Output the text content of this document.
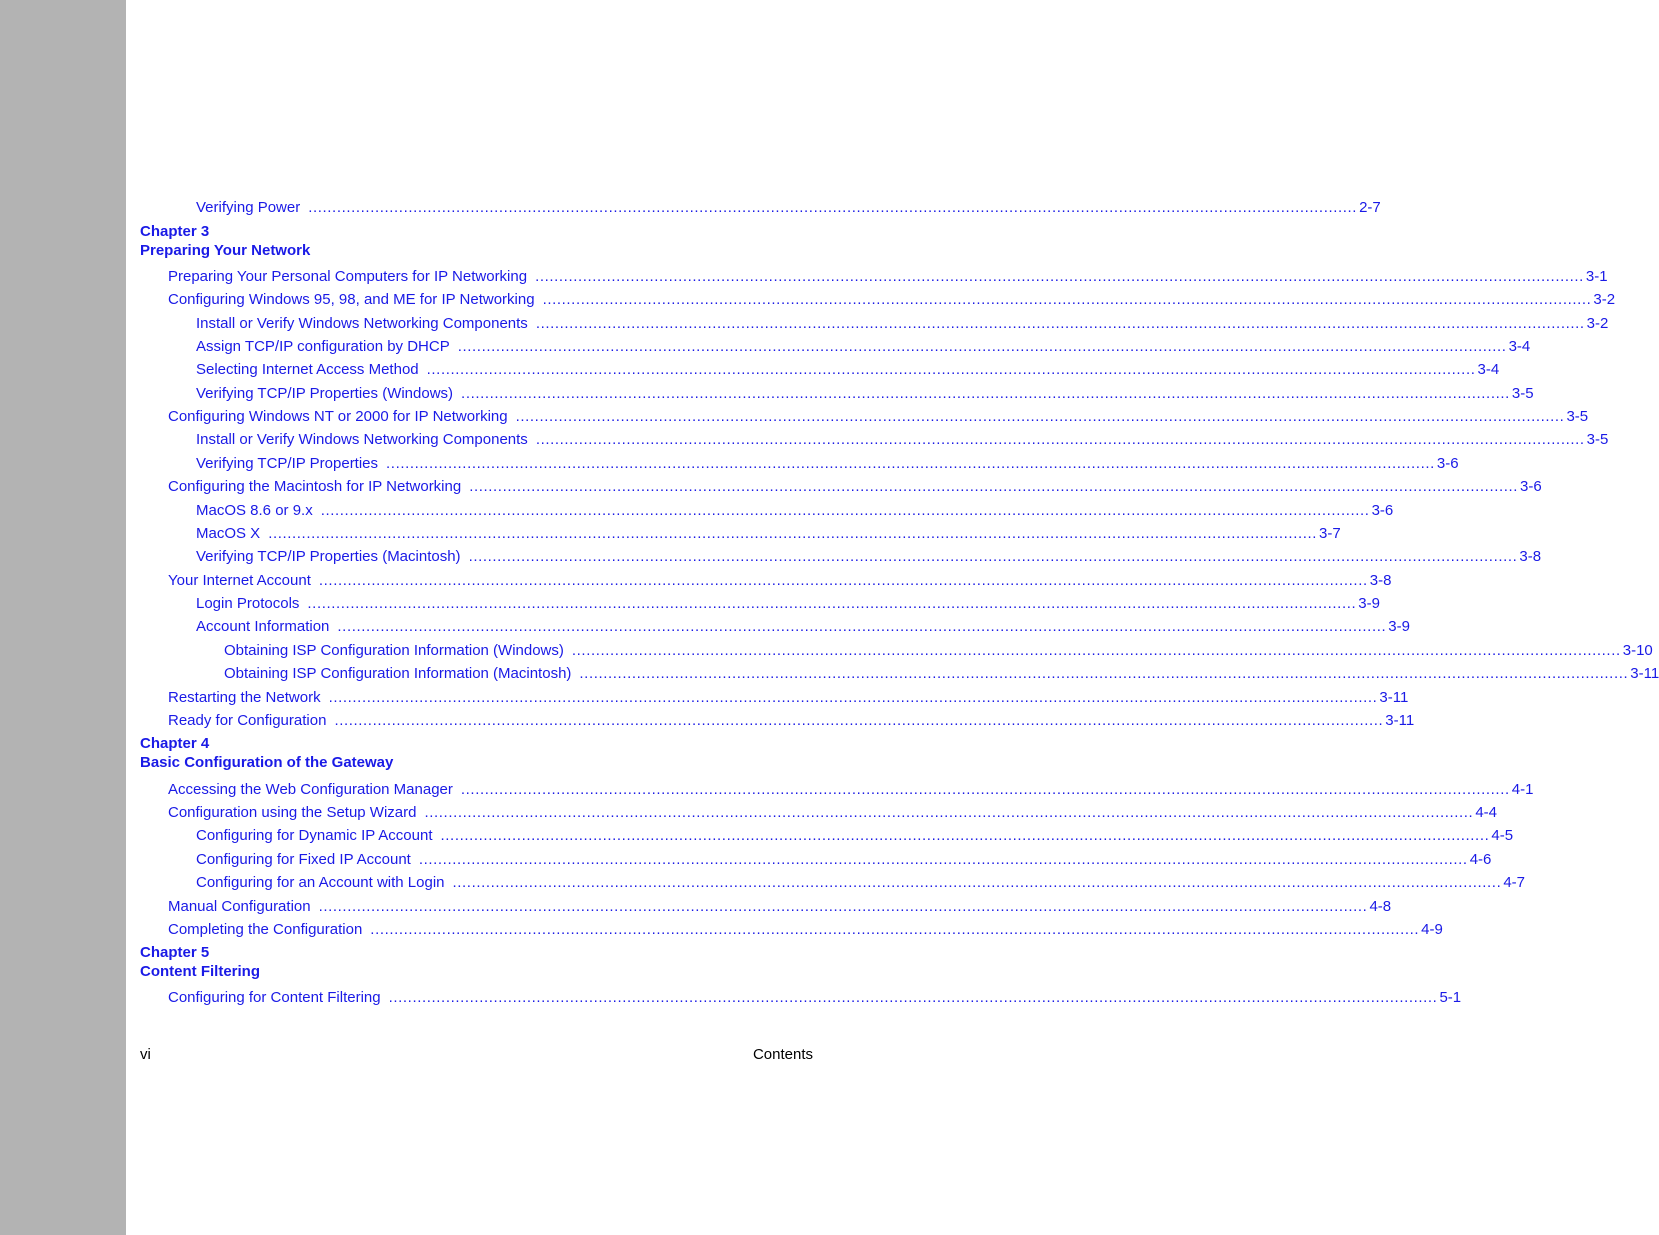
Verifying Power ............................................................................................................................................................................................................................ 2-7
Chapter 3
Preparing Your Network
Preparing Your Personal Computers for IP Networking ............................................................................................................................................................................................................................ 3-1
Configuring Windows 95, 98, and ME for IP Networking ............................................................................................................................................................................................................................ 3-2
Install or Verify Windows Networking Components ............................................................................................................................................................................................................................ 3-2
Assign TCP/IP configuration by DHCP ............................................................................................................................................................................................................................ 3-4
Selecting Internet Access Method ............................................................................................................................................................................................................................ 3-4
Verifying TCP/IP Properties (Windows) ............................................................................................................................................................................................................................ 3-5
Configuring Windows NT or 2000 for IP Networking ............................................................................................................................................................................................................................ 3-5
Install or Verify Windows Networking Components ............................................................................................................................................................................................................................ 3-5
Verifying TCP/IP Properties ............................................................................................................................................................................................................................ 3-6
Configuring the Macintosh for IP Networking ............................................................................................................................................................................................................................ 3-6
MacOS 8.6 or 9.x ............................................................................................................................................................................................................................ 3-6
MacOS X ............................................................................................................................................................................................................................ 3-7
Verifying TCP/IP Properties (Macintosh) ............................................................................................................................................................................................................................ 3-8
Your Internet Account ............................................................................................................................................................................................................................ 3-8
Login Protocols ............................................................................................................................................................................................................................ 3-9
Account Information ............................................................................................................................................................................................................................ 3-9
Obtaining ISP Configuration Information (Windows) ............................................................................................................................................................................................................................ 3-10
Obtaining ISP Configuration Information (Macintosh) ............................................................................................................................................................................................................................ 3-11
Restarting the Network ............................................................................................................................................................................................................................ 3-11
Ready for Configuration ............................................................................................................................................................................................................................ 3-11
Chapter 4
Basic Configuration of the Gateway
Accessing the Web Configuration Manager ............................................................................................................................................................................................................................ 4-1
Configuration using the Setup Wizard ............................................................................................................................................................................................................................ 4-4
Configuring for Dynamic IP Account ............................................................................................................................................................................................................................ 4-5
Configuring for Fixed IP Account ............................................................................................................................................................................................................................ 4-6
Configuring for an Account with Login ............................................................................................................................................................................................................................ 4-7
Manual Configuration ............................................................................................................................................................................................................................ 4-8
Completing the Configuration ............................................................................................................................................................................................................................ 4-9
Chapter 5
Content Filtering
Configuring for Content Filtering ............................................................................................................................................................................................................................ 5-1
vi	Contents
